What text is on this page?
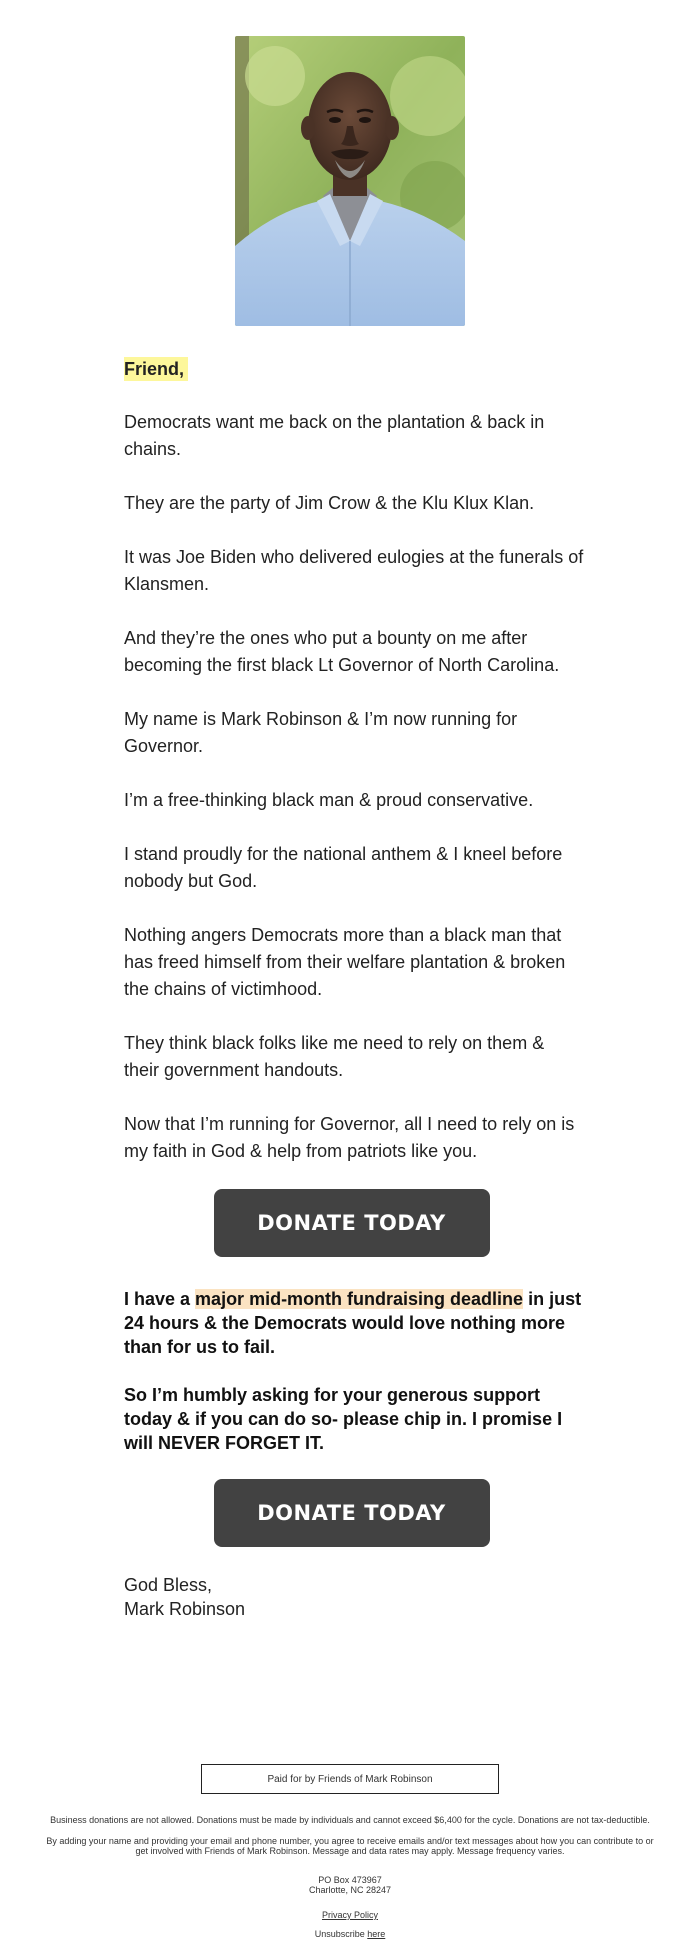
Friend,

Democrats want me back on the plantation & back in chains.

They are the party of Jim Crow & the Klu Klux Klan.

It was Joe Biden who delivered eulogies at the funerals of Klansmen.

And they’re the ones who put a bounty on me after becoming the first black Lt Governor of North Carolina.

My name is Mark Robinson & I’m now running for Governor.

I’m a free-thinking black man & proud conservative.

I stand proudly for the national anthem & I kneel before nobody but God.

Nothing angers Democrats more than a black man that has freed himself from their welfare plantation & broken the chains of victimhood.

They think black folks like me need to rely on them & their government handouts.

Now that I’m running for Governor, all I need to rely on is my faith in God & help from patriots like you.

DONATE TODAY

I have a major mid-month fundraising deadline in just 24 hours & the Democrats would love nothing more than for us to fail.

So I’m humbly asking for your generous support today & if you can do so- please chip in. I promise I will NEVER FORGET IT.

DONATE TODAY

God Bless,
Mark Robinson

Paid for by Friends of Mark Robinson

Business donations are not allowed. Donations must be made by individuals and cannot exceed $6,400 for the cycle. Donations are not tax-deductible.

By adding your name and providing your email and phone number, you agree to receive emails and/or text messages about how you can contribute to or get involved with Friends of Mark Robinson. Message and data rates may apply. Message frequency varies.

PO Box 473967
Charlotte, NC 28247
Privacy Policy
Unsubscribe here
